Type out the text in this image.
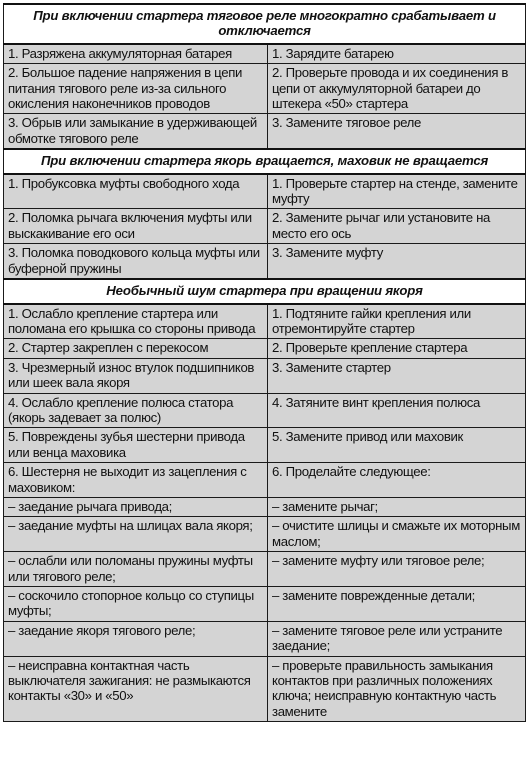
При включении стартера тяговое реле многократно срабатывает и отключается	
1. Разряжена аккумуляторная батарея	1. Зарядите батарею
2. Большое падение напряжения в цепи питания тягового реле из-за сильного окисления наконечников проводов	2. Проверьте провода и их соединения в цепи от аккумуляторной батареи до штекера «50» стартера
3. Обрыв или замыкание в удерживающей обмотке тягового реле	3. Замените тяговое реле
При включении стартера якорь вращается, маховик не вращается	
1. Пробуксовка муфты свободного хода	1. Проверьте стартер на стенде, замените муфту
2. Поломка рычага включения муфты или выскакивание его оси	2. Замените рычаг или установите на место его ось
3. Поломка поводкового кольца муфты или буферной пружины	3. Замените муфту
Необычный шум стартера при вращении якоря	
1. Ослабло крепление стартера или поломана его крышка со стороны привода	1. Подтяните гайки крепления или отремонтируйте стартер
2. Стартер закреплен с перекосом	2. Проверьте крепление стартера
3. Чрезмерный износ втулок подшипников или шеек вала якоря	3. Замените стартер
4. Ослабло крепление полюса статора (якорь задевает за полюс)	4. Затяните винт крепления полюса
5. Повреждены зубья шестерни привода или венца маховика	5. Замените привод или маховик
6. Шестерня не выходит из зацепления с маховиком:	6. Проделайте следующее:
– заедание рычага привода;	– замените рычаг;
– заедание муфты на шлицах вала якоря;	– очистите шлицы и смажьте их моторным маслом;
– ослабли или поломаны пружины муфты или тягового реле;	– замените муфту или тяговое реле;
– соскочило стопорное кольцо со ступицы муфты;	– замените поврежденные детали;
– заедание якоря тягового реле;	– замените тяговое реле или устраните заедание;
– неисправна контактная часть выключателя зажигания: не размыкаются контакты «30» и «50»	– проверьте правильность замыкания контактов при различных положениях ключа; неисправную контактную часть замените
